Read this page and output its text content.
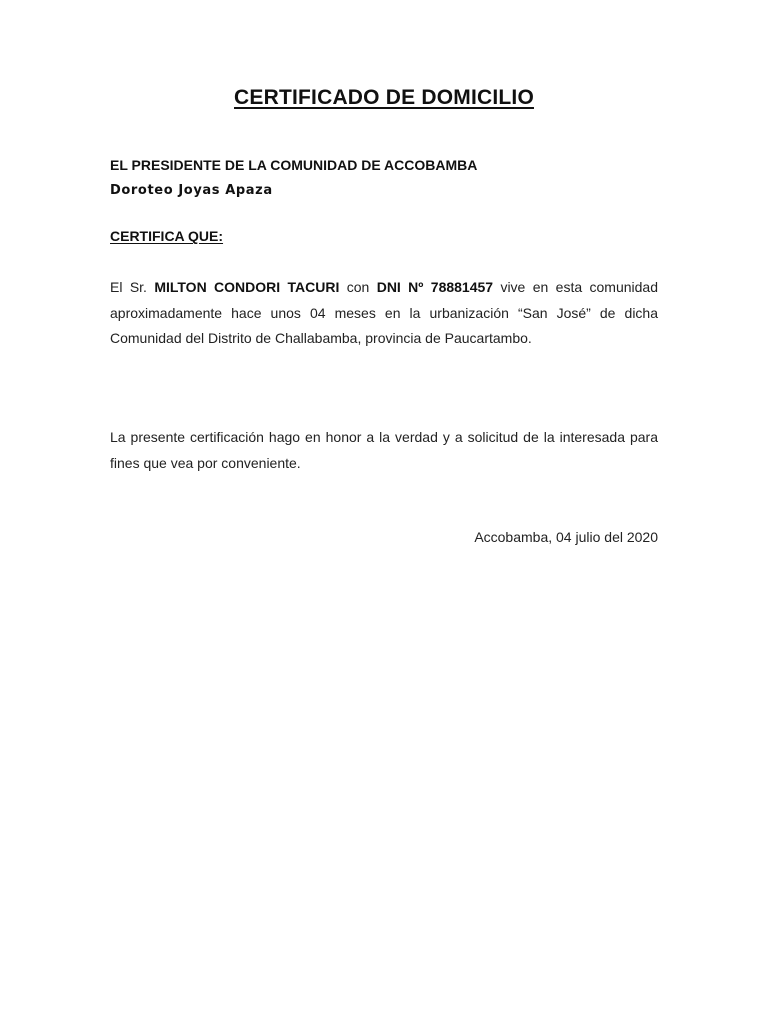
CERTIFICADO DE DOMICILIO
EL PRESIDENTE DE LA COMUNIDAD DE ACCOBAMBA
Doroteo Joyas Apaza
CERTIFICA QUE:
El Sr. MILTON CONDORI TACURI con DNI Nº 78881457 vive en esta comunidad aproximadamente hace unos 04 meses en la urbanización “San José” de dicha Comunidad del Distrito de Challabamba, provincia de Paucartambo.
La presente certificación hago en honor a la verdad y a solicitud de la interesada para fines que vea por conveniente.
Accobamba, 04 julio del 2020
